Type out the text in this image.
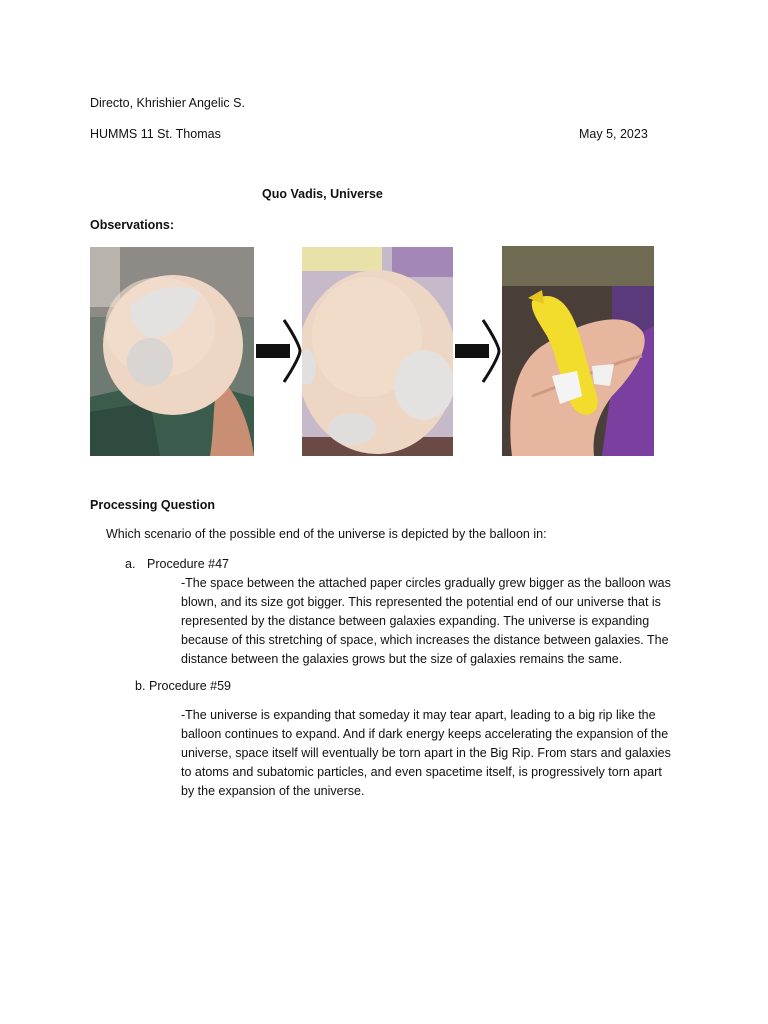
Directo, Khrishier Angelic S.
HUMMS 11 St. Thomas	May 5, 2023
Quo Vadis, Universe
Observations:
Processing Question
Which scenario of the possible end of the universe is depicted by the balloon in:
a. Procedure #47
-The space between the attached paper circles gradually grew bigger as the balloon was
blown, and its size got bigger. This represented the potential end of our universe that is
represented by the distance between galaxies expanding. The universe is expanding
because of this stretching of space, which increases the distance between galaxies. The
distance between the galaxies grows but the size of galaxies remains the same.
b. Procedure #59
-The universe is expanding that someday it may tear apart, leading to a big rip like the
balloon continues to expand. And if dark energy keeps accelerating the expansion of the
universe, space itself will eventually be torn apart in the Big Rip. From stars and galaxies
to atoms and subatomic particles, and even spacetime itself, is progressively torn apart
by the expansion of the universe.
